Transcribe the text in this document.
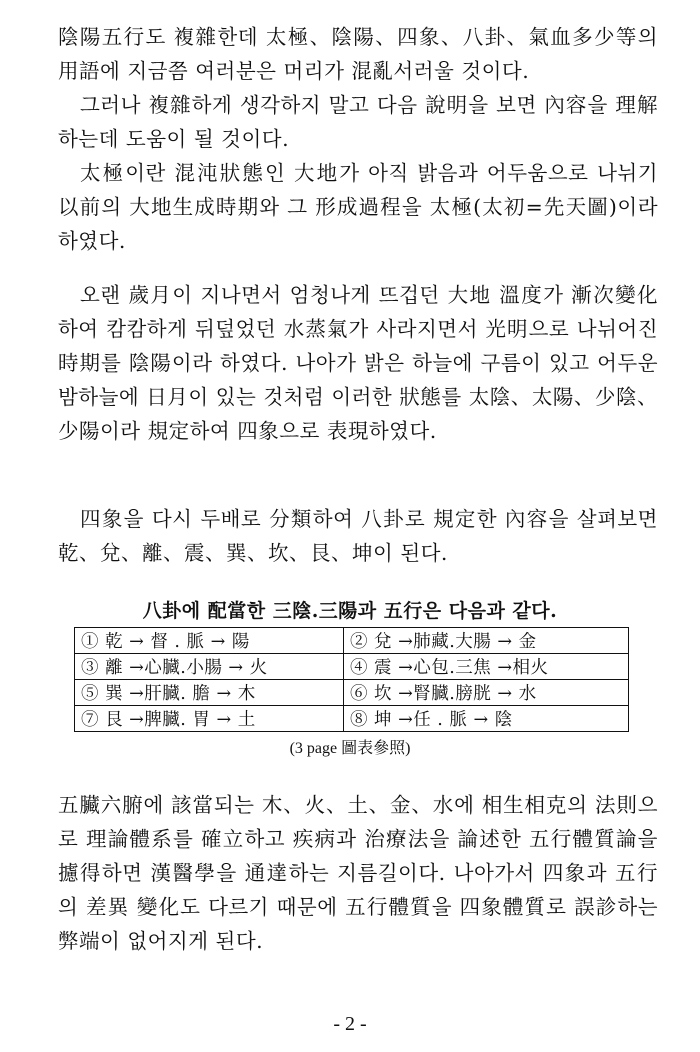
陰陽五行도 複雜한데 太極、陰陽、四象、八卦、氣血多少等의 用語에 지금쯤 여러분은 머리가 混亂서러울 것이다.

그러나 複雜하게 생각하지 말고 다음 說明을 보면 內容을 理解하는데 도움이 될 것이다.

太極이란 混沌狀態인 大地가 아직 밝음과 어두움으로 나뉘기 以前의 大地生成時期와 그 形成過程을 太極(太初=先天圖)이라 하였다.

오랜 歲月이 지나면서 엄청나게 뜨겁던 大地 溫度가 漸次變化하여 캄캄하게 뒤덮었던 水蒸氣가 사라지면서 光明으로 나뉘어진 時期를 陰陽이라 하였다. 나아가 밝은 하늘에 구름이 있고 어두운 밤하늘에 日月이 있는 것처럼 이러한 狀態를 太陰、太陽、少陰、少陽이라 規定하여 四象으로 表現하였다.

四象을 다시 두배로 分類하여 八卦로 規定한 內容을 살펴보면 乾、兌、離、震、巽、坎、艮、坤이 된다.

八卦에 配當한 三陰.三陽과 五行은 다음과 같다.
① 乾 → 督 . 脈 → 陽	② 兌 →肺藏.大腸 → 金
③ 離 →心臓.小腸 → 火	④ 震 →心包.三焦 →相火
⑤ 巽 →肝臓. 膽 → 木	⑥ 坎 →腎臓.膀胱 → 水
⑦ 艮 →脾臓. 胃 → 土	⑧ 坤 →任 . 脈 → 陰
(3 page 圖表參照)

五臟六腑에 該當되는 木、火、土、金、水에 相生相克의 法則으로 理論體系를 確立하고 疾病과 治療法을 論述한 五行體質論을 攄得하면 漢醫學을 通達하는 지름길이다. 나아가서 四象과 五行의 差異 變化도 다르기 때문에 五行體質을 四象體質로 誤診하는 弊端이 없어지게 된다.

- 2 -
